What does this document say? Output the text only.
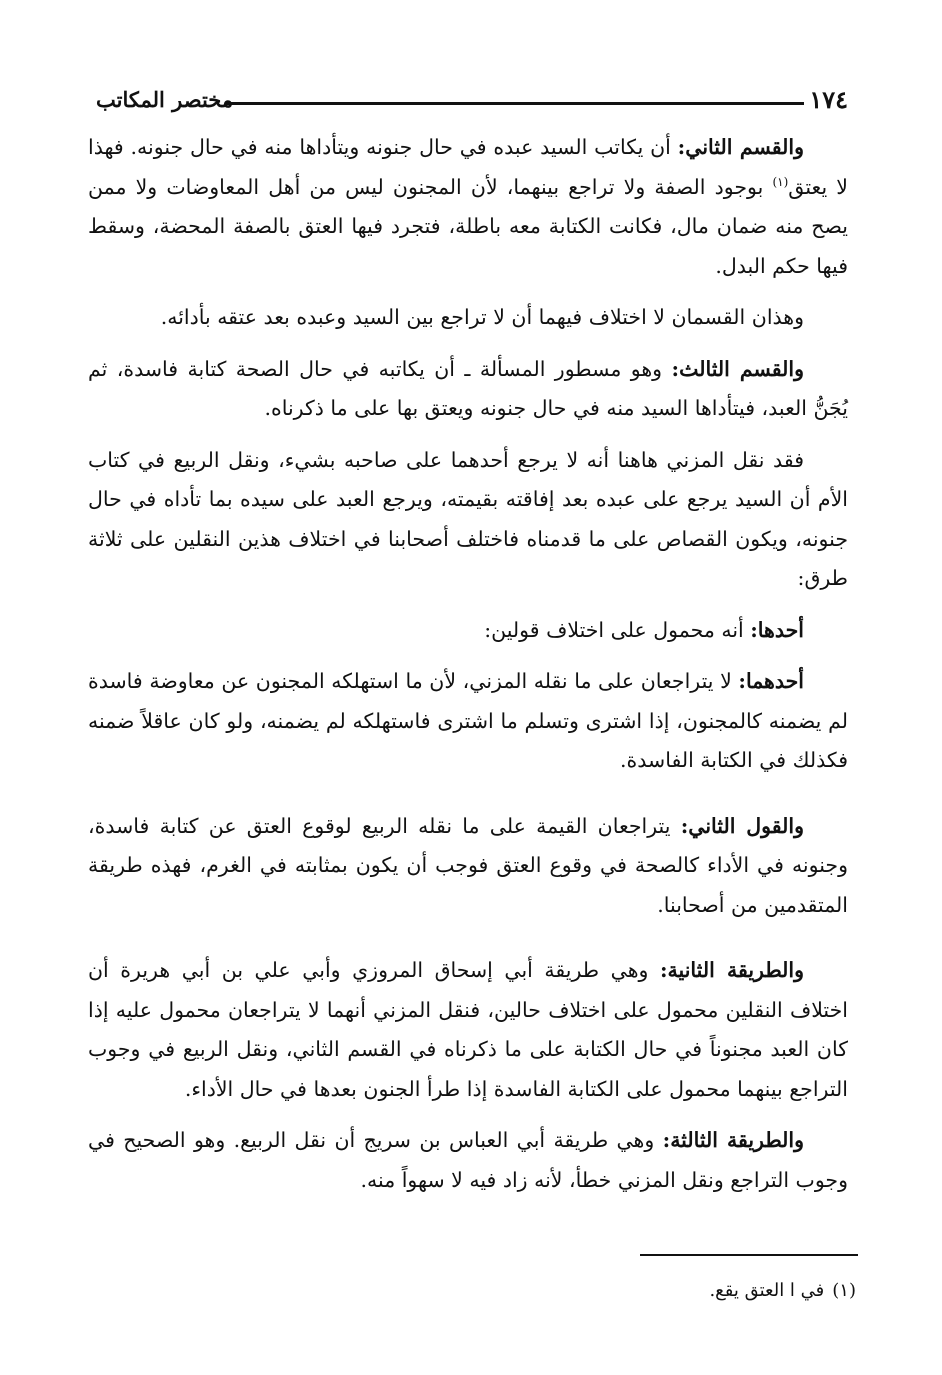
١٧٤
مختصر المكاتب

والقسم الثاني: أن يكاتب السيد عبده في حال جنونه ويتأداها منه في حال جنونه. فهذا لا يعتق$^{(١)}$ بوجود الصفة ولا تراجع بينهما، لأن المجنون ليس من أهل المعاوضات ولا ممن يصح منه ضمان مال، فكانت الكتابة معه باطلة، فتجرد فيها العتق بالصفة المحضة، وسقط فيها حكم البدل.

وهذان القسمان لا اختلاف فيهما أن لا تراجع بين السيد وعبده بعد عتقه بأدائه.

والقسم الثالث: وهو مسطور المسألة ـ أن يكاتبه في حال الصحة كتابة فاسدة، ثم يُجَنُّ العبد، فيتأداها السيد منه في حال جنونه ويعتق بها على ما ذكرناه.

فقد نقل المزني هاهنا أنه لا يرجع أحدهما على صاحبه بشيء، ونقل الربيع في كتاب الأم أن السيد يرجع على عبده بعد إفاقته بقيمته، ويرجع العبد على سيده بما تأداه في حال جنونه، ويكون القصاص على ما قدمناه فاختلف أصحابنا في اختلاف هذين النقلين على ثلاثة طرق:

أحدها: أنه محمول على اختلاف قولين:

أحدهما: لا يتراجعان على ما نقله المزني، لأن ما استهلكه المجنون عن معاوضة فاسدة لم يضمنه كالمجنون، إذا اشترى وتسلم ما اشترى فاستهلكه لم يضمنه، ولو كان عاقلاً ضمنه فكذلك في الكتابة الفاسدة.

والقول الثاني: يتراجعان القيمة على ما نقله الربيع لوقوع العتق عن كتابة فاسدة، وجنونه في الأداء كالصحة في وقوع العتق فوجب أن يكون بمثابته في الغرم، فهذه طريقة المتقدمين من أصحابنا.

والطريقة الثانية: وهي طريقة أبي إسحاق المروزي وأبي علي بن أبي هريرة أن اختلاف النقلين محمول على اختلاف حالين، فنقل المزني أنهما لا يتراجعان محمول عليه إذا كان العبد مجنوناً في حال الكتابة على ما ذكرناه في القسم الثاني، ونقل الربيع في وجوب التراجع بينهما محمول على الكتابة الفاسدة إذا طرأ الجنون بعدها في حال الأداء.

والطريقة الثالثة: وهي طريقة أبي العباس بن سريج أن نقل الربيع. وهو الصحيح في وجوب التراجع ونقل المزني خطأ، لأنه زاد فيه لا سهواً منه.

(١)في ا العتق يقع.
